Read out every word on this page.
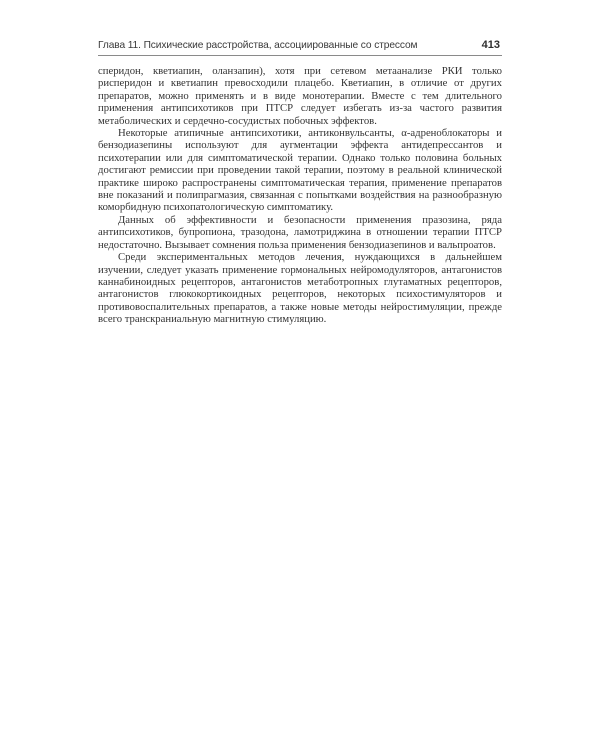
Глава 11. Психические расстройства, ассоциированные со стрессом	413

сперидон, кветиапин, оланзапин), хотя при сетевом метаанализе РКИ только рисперидон и кветиапин превосходили плацебо. Кветиапин, в отличие от других препаратов, можно применять и в виде монотерапии. Вместе с тем длительного применения антипсихотиков при ПТСР следует избегать из-за частого развития метаболических и сердечно-сосудистых побочных эффектов.

Некоторые атипичные антипсихотики, антиконвульсанты, α-адреноблокаторы и бензодиазепины используют для аугментации эффекта антидепрессантов и психотерапии или для симптоматической терапии. Однако только половина больных достигают ремиссии при проведении такой терапии, поэтому в реальной клинической практике широко распространены симптоматическая терапия, применение препаратов вне показаний и полипрагмазия, связанная с попытками воздействия на разнообразную коморбидную психопатологическую симптоматику.

Данных об эффективности и безопасности применения празозина, ряда антипсихотиков, бупропиона, тразодона, ламотриджина в отношении терапии ПТСР недостаточно. Вызывает сомнения польза применения бензодиазепинов и вальпроатов.

Среди экспериментальных методов лечения, нуждающихся в дальнейшем изучении, следует указать применение гормональных нейромодуляторов, антагонистов каннабиноидных рецепторов, антагонистов метаботропных глутаматных рецепторов, антагонистов глюкокортикоидных рецепторов, некоторых психостимуляторов и противовоспалительных препаратов, а также новые методы нейростимуляции, прежде всего транскраниальную магнитную стимуляцию.
